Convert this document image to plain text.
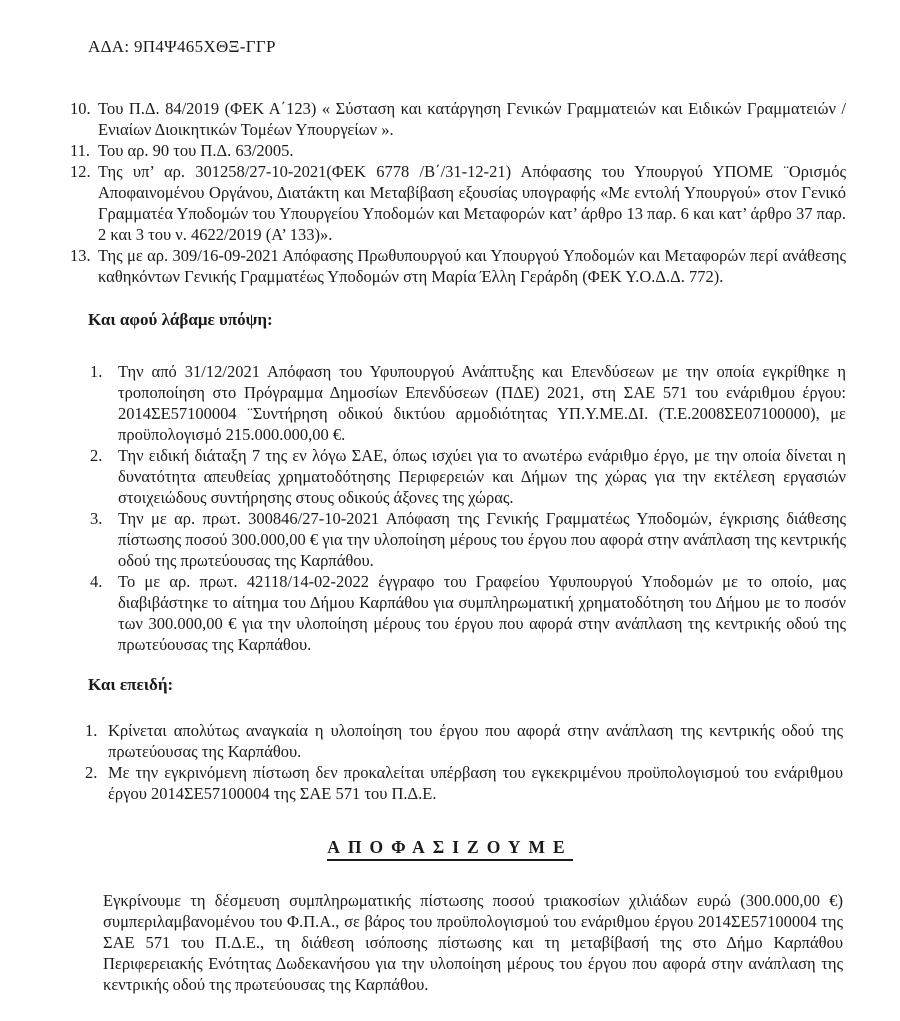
ΑΔΑ: 9Π4Ψ465ΧΘΞ-ΓΓΡ
10. Του Π.Δ. 84/2019 (ΦΕΚ Α΄123) « Σύσταση και κατάργηση Γενικών Γραμματειών και Ειδικών Γραμματειών / Ενιαίων Διοικητικών Τομέων Υπουργείων ».
11. Του αρ. 90 του Π.Δ. 63/2005.
12. Της υπ’ αρ. 301258/27-10-2021(ΦΕΚ 6778 /Β΄/31-12-21) Απόφασης του Υπουργού ΥΠΟΜΕ ¨Ορισμός Αποφαινομένου Οργάνου, Διατάκτη και Μεταβίβαση εξουσίας υπογραφής «Με εντολή Υπουργού» στον Γενικό Γραμματέα Υποδομών του Υπουργείου Υποδομών και Μεταφορών κατ’ άρθρο 13 παρ. 6 και κατ’ άρθρο 37 παρ. 2 και 3 του ν. 4622/2019 (Α’ 133)».
13. Της με αρ. 309/16-09-2021 Απόφασης Πρωθυπουργού και Υπουργού Υποδομών και Μεταφορών περί ανάθεσης καθηκόντων Γενικής Γραμματέως Υποδομών στη Μαρία Έλλη Γεράρδη (ΦΕΚ Υ.Ο.Δ.Δ. 772).
Και αφού λάβαμε υπόψη:
1. Την από 31/12/2021 Απόφαση του Υφυπουργού Ανάπτυξης και Επενδύσεων με την οποία εγκρίθηκε η τροποποίηση στο Πρόγραμμα Δημοσίων Επενδύσεων (ΠΔΕ) 2021, στη ΣΑΕ 571 του ενάριθμου έργου: 2014ΣΕ57100004 ¨Συντήρηση οδικού δικτύου αρμοδιότητας ΥΠ.Υ.ΜΕ.ΔΙ. (Τ.Ε.2008ΣΕ07100000), με προϋπολογισμό 215.000.000,00 €.
2. Την ειδική διάταξη 7 της εν λόγω ΣΑΕ, όπως ισχύει για το ανωτέρω ενάριθμο έργο, με την οποία δίνεται η δυνατότητα απευθείας χρηματοδότησης Περιφερειών και Δήμων της χώρας για την εκτέλεση εργασιών στοιχειώδους συντήρησης στους οδικούς άξονες της χώρας.
3. Την με αρ. πρωτ. 300846/27-10-2021 Απόφαση της Γενικής Γραμματέως Υποδομών, έγκρισης διάθεσης πίστωσης ποσού 300.000,00 € για την υλοποίηση μέρους του έργου που αφορά στην ανάπλαση της κεντρικής οδού της πρωτεύουσας της Καρπάθου.
4. Το με αρ. πρωτ. 42118/14-02-2022 έγγραφο του Γραφείου Υφυπουργού Υποδομών με το οποίο, μας διαβιβάστηκε το αίτημα του Δήμου Καρπάθου για συμπληρωματική χρηματοδότηση του Δήμου με το ποσόν των 300.000,00 € για την υλοποίηση μέρους του έργου που αφορά στην ανάπλαση της κεντρικής οδού της πρωτεύουσας της Καρπάθου.
Και επειδή:
1. Κρίνεται απολύτως αναγκαία η υλοποίηση του έργου που αφορά στην ανάπλαση της κεντρικής οδού της πρωτεύουσας της Καρπάθου.
2. Με την εγκρινόμενη πίστωση δεν προκαλείται υπέρβαση του εγκεκριμένου προϋπολογισμού του ενάριθμου έργου 2014ΣΕ57100004 της ΣΑΕ 571 του Π.Δ.Ε.
ΑΠΟΦΑΣΙΖΟΥΜΕ

Εγκρίνουμε τη δέσμευση συμπληρωματικής πίστωσης ποσού τριακοσίων χιλιάδων ευρώ (300.000,00 €) συμπεριλαμβανομένου του Φ.Π.Α., σε βάρος του προϋπολογισμού του ενάριθμου έργου 2014ΣΕ57100004 της ΣΑΕ 571 του Π.Δ.Ε., τη διάθεση ισόποσης πίστωσης και τη μεταβίβασή της στο Δήμο Καρπάθου Περιφερειακής Ενότητας Δωδεκανήσου για την υλοποίηση μέρους του έργου που αφορά στην ανάπλαση της κεντρικής οδού της πρωτεύουσας της Καρπάθου.
